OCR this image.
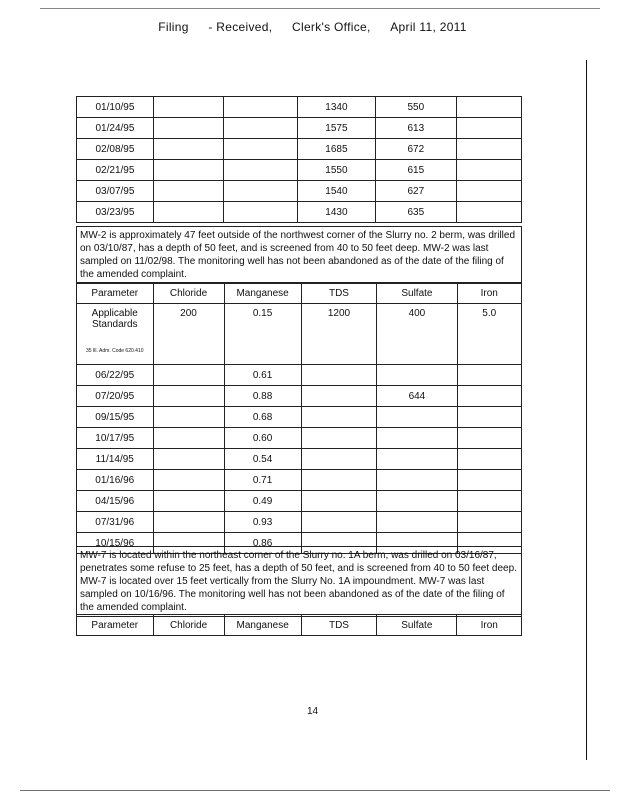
Filing - Received, Clerk's Office, April 11, 2011
01/10/95			1340	550	
01/24/95			1575	613	
02/08/95			1685	672	
02/21/95			1550	615	
03/07/95			1540	627	
03/23/95			1430	635	
MW-2 is approximately 47 feet outside of the northwest corner of the Slurry no. 2 berm, was drilled on 03/10/87, has a depth of 50 feet, and is screened from 40 to 50 feet deep. MW-2 was last sampled on 11/02/98. The monitoring well has not been abandoned as of the date of the filing of the amended complaint.
Parameter	Chloride	Manganese	TDS	Sulfate	Iron
Applicable Standards
35 Ill. Adm. Code 620.410	200	0.15	1200	400	5.0
06/22/95		0.61			
07/20/95		0.88		644	
09/15/95		0.68			
10/17/95		0.60			
11/14/95		0.54			
01/16/96		0.71			
04/15/96		0.49			
07/31/96		0.93			
10/15/96		0.86			
MW-7 is located within the northeast corner of the Slurry no. 1A berm, was drilled on 03/16/87, penetrates some refuse to 25 feet, has a depth of 50 feet, and is screened from 40 to 50 feet deep. MW-7 is located over 15 feet vertically from the Slurry No. 1A impoundment. MW-7 was last sampled on 10/16/96. The monitoring well has not been abandoned as of the date of the filing of the amended complaint.
Parameter	Chloride	Manganese	TDS	Sulfate	Iron
14
